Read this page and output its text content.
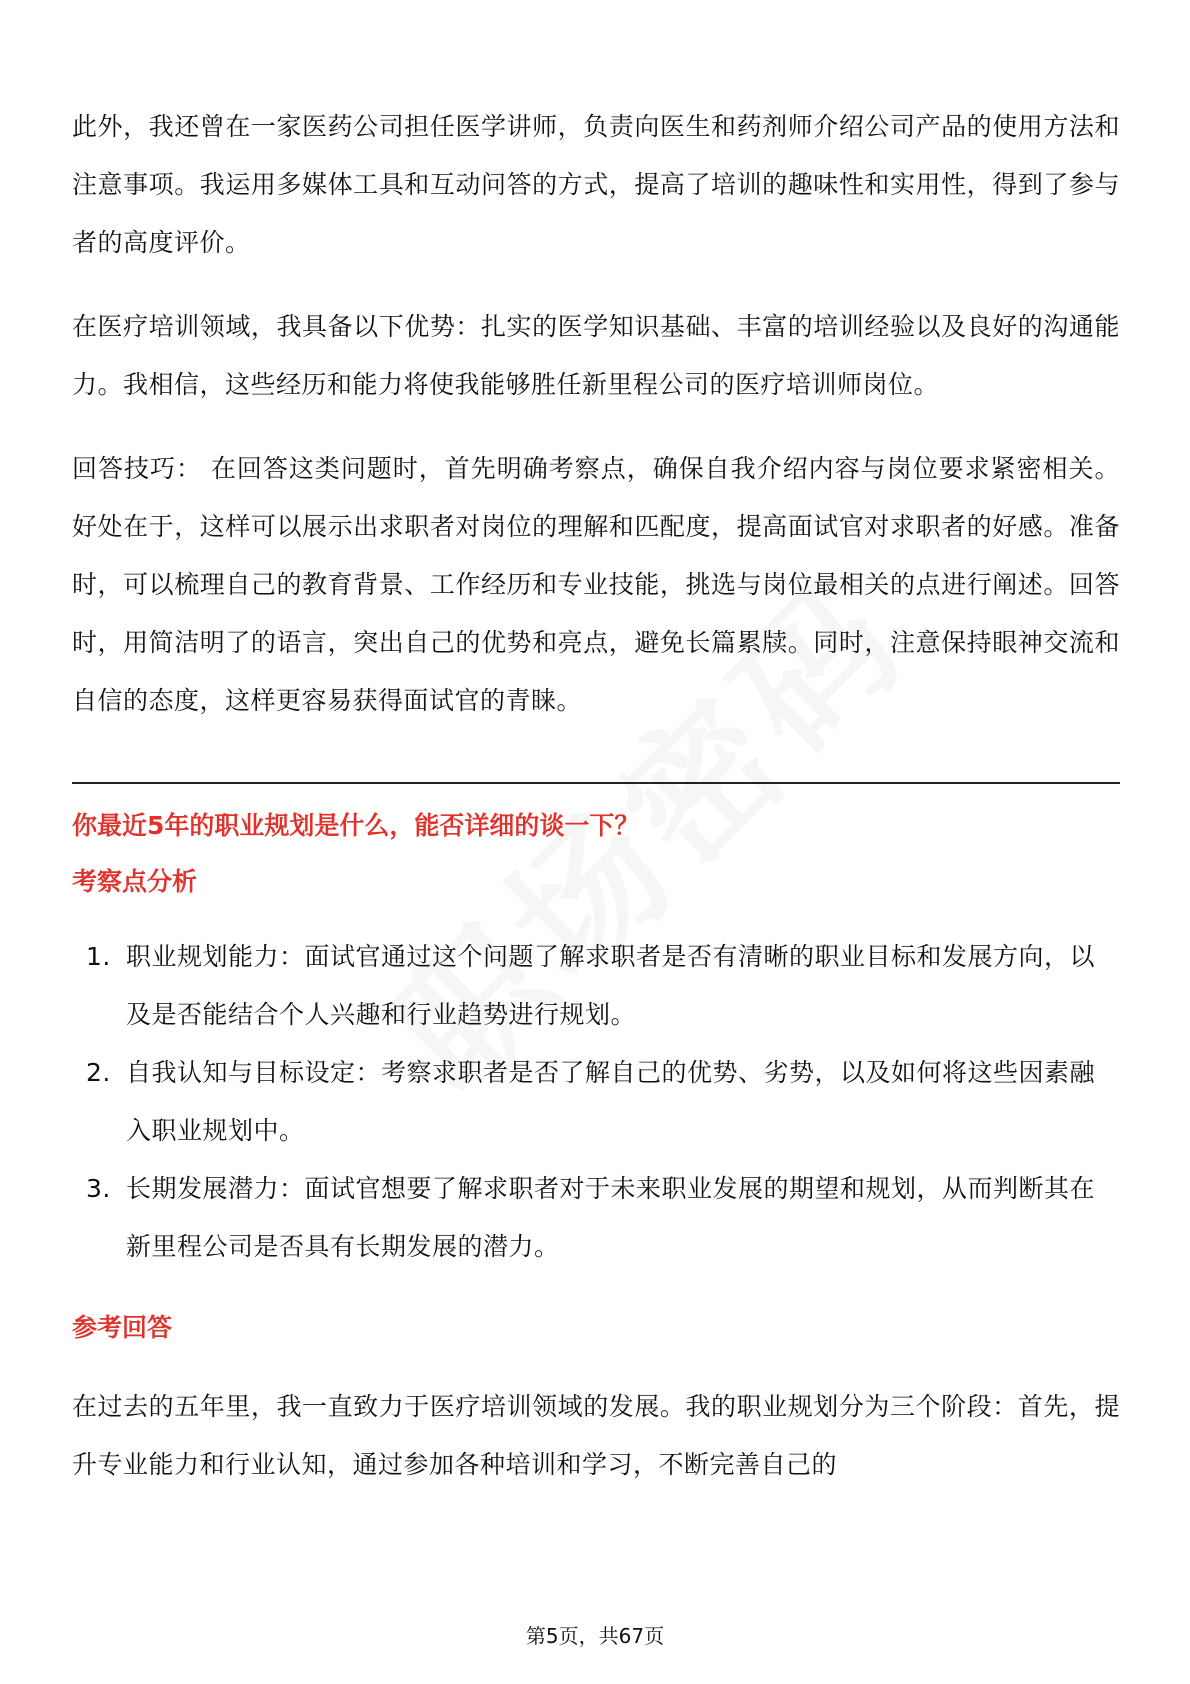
此外，我还曾在一家医药公司担任医学讲师，负责向医生和药剂师介绍公司产品的使用方法和注意事项。我运用多媒体工具和互动问答的方式，提高了培训的趣味性和实用性，得到了参与者的高度评价。

在医疗培训领域，我具备以下优势：扎实的医学知识基础、丰富的培训经验以及良好的沟通能力。我相信，这些经历和能力将使我能够胜任新里程公司的医疗培训师岗位。

回答技巧： 在回答这类问题时，首先明确考察点，确保自我介绍内容与岗位要求紧密相关。好处在于，这样可以展示出求职者对岗位的理解和匹配度，提高面试官对求职者的好感。准备时，可以梳理自己的教育背景、工作经历和专业技能，挑选与岗位最相关的点进行阐述。回答时，用简洁明了的语言，突出自己的优势和亮点，避免长篇累牍。同时，注意保持眼神交流和自信的态度，这样更容易获得面试官的青睐。

你最近5年的职业规划是什么，能否详细的谈一下？

考察点分析

1. 职业规划能力：面试官通过这个问题了解求职者是否有清晰的职业目标和发展方向，以及是否能结合个人兴趣和行业趋势进行规划。
2. 自我认知与目标设定：考察求职者是否了解自己的优势、劣势，以及如何将这些因素融入职业规划中。
3. 长期发展潜力：面试官想要了解求职者对于未来职业发展的期望和规划，从而判断其在新里程公司是否具有长期发展的潜力。

参考回答

在过去的五年里，我一直致力于医疗培训领域的发展。我的职业规划分为三个阶段：首先，提升专业能力和行业认知，通过参加各种培训和学习，不断完善自己的

第5页，共67页
